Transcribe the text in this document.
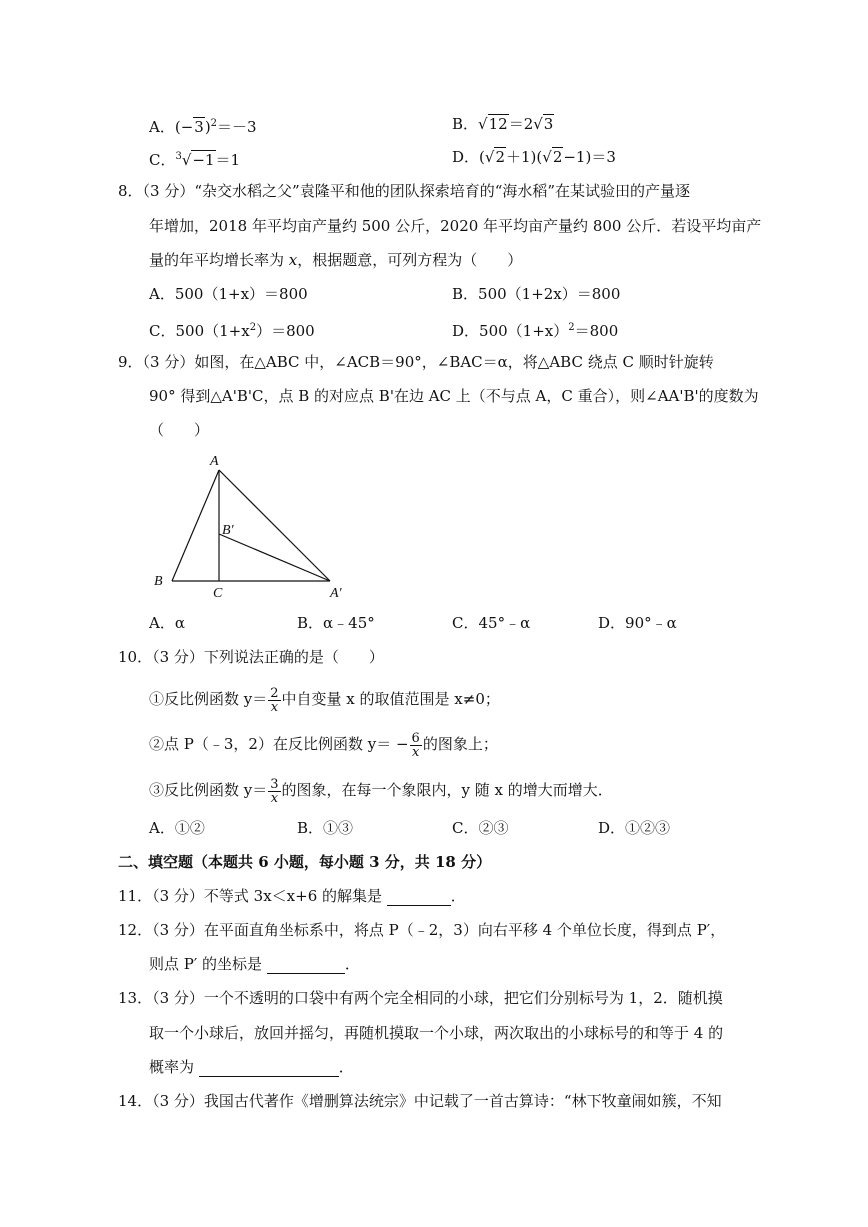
A．$(-3)^2=-3$	B．√12＝2√3
C．$^3$√−1＝1	D．(√2＋1)(√2−1)＝3
8．（3 分）“杂交水稻之父”袁隆平和他的团队探索培育的“海水稻”在某试验田的产量逐
年增加，2018 年平均亩产量约 500 公斤，2020 年平均亩产量约 800 公斤．若设平均亩产
量的年平均增长率为 x，根据题意，可列方程为（　　）
A．500（1+x）＝800	B．500（1+2x）＝800
C．$500(1+x^2)=800$	D．$500(1+x)^2=800$
9．（3 分）如图，在△ABC 中，∠ACB＝90°，∠BAC＝α，将△ABC 绕点 C 顺时针旋转
90° 得到△A'B'C，点 B 的对应点 B'在边 AC 上（不与点 A，C 重合），则∠AA'B'的度数为
（　　）
A
B
C
B'
A'
A．α	B．α﹣45°	C．45°﹣α	D．90°﹣α
10．（3 分）下列说法正确的是（　　）
①反比例函数 $y= \frac{2}{x}$ 中自变量 x 的取值范围是 x≠0；
②点 P（﹣3，2）在反比例函数 $y= - \frac{6}{x}$ 的图象上；
③反比例函数 $y= \frac{3}{x}$ 的图象，在每一个象限内，y 随 x 的增大而增大．
A．①②	B．①③	C．②③	D．①②③
二、填空题（本题共 6 小题，每小题 3 分，共 18 分）
11．（3 分）不等式 3x＜x+6 的解集是	．
12．（3 分）在平面直角坐标系中，将点 P（﹣2，3）向右平移 4 个单位长度，得到点 P′，
则点 P′ 的坐标是	．
13．（3 分）一个不透明的口袋中有两个完全相同的小球，把它们分别标号为 1，2．随机摸
取一个小球后，放回并摇匀，再随机摸取一个小球，两次取出的小球标号的和等于 4 的
概率为	．
14．（3 分）我国古代著作《增删算法统宗》中记载了一首古算诗：“林下牧童闹如簇，不知
